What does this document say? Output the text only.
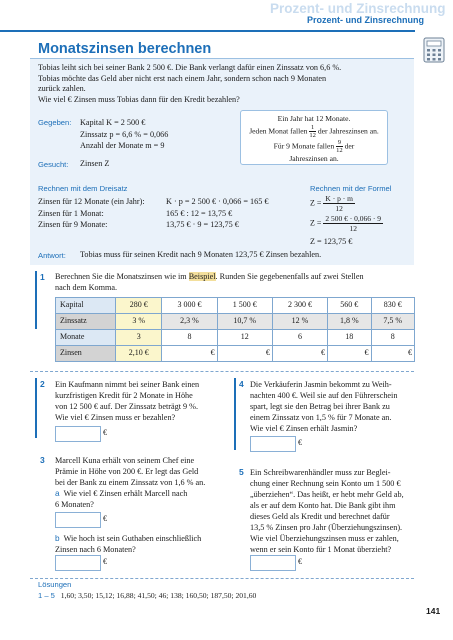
Prozent- und Zinsrechnung
Prozent- und Zinsrechnung
Monatszinsen berechnen
Tobias leiht sich bei seiner Bank 2 500 €. Die Bank verlangt dafür einen Zinssatz von 6,6 %.
Tobias möchte das Geld aber nicht erst nach einem Jahr, sondern schon nach 9 Monaten
zurück zahlen.
Wie viel € Zinsen muss Tobias dann für den Kredit bezahlen?
Gegeben: Kapital K = 2 500 €
Zinssatz p = 6,6 % = 0,066
Anzahl der Monate m = 9
Ein Jahr hat 12 Monate.
Jeden Monat fallen $\frac{1}{12}$ der Jahreszinsen an.
Für 9 Monate fallen $\frac{9}{12}$ der
Jahreszinsen an.
Gesucht: Zinsen Z
Rechnen mit dem Dreisatz
Zinsen für 12 Monate (ein Jahr):	K · p = 2 500 € · 0,066 = 165 €
Zinsen für 1 Monat:	165 € : 12 = 13,75 €
Zinsen für 9 Monate:	13,75 € · 9 = 123,75 €
Rechnen mit der Formel
$Z = \frac{K \cdot p \cdot m}{12}$
$Z = \frac{2 500 € \cdot 0,066 \cdot 9}{12}$
Z = 123,75 €
Antwort: Tobias muss für seinen Kredit nach 9 Monaten 123,75 € Zinsen bezahlen.
1 Berechnen Sie die Monatszinsen wie im Beispiel. Runden Sie gegebenenfalls auf zwei Stellen
nach dem Komma.
Kapital	280 €	3 000 €	1 500 €	2 300 €	560 €	830 €
Zinssatz	3 %	2,3 %	10,7 %	12 %	1,8 %	7,5 %
Monate	3	8	12	6	18	8
Zinsen	2,10 €	€	€	€	€	€
2 Ein Kaufmann nimmt bei seiner Bank einen
kurzfristigen Kredit für 2 Monate in Höhe
von 12 500 € auf. Der Zinssatz beträgt 9 %.
Wie viel € Zinsen muss er bezahlen?
€
3 Marcell Kuna erhält von seinem Chef eine
Prämie in Höhe von 200 €. Er legt das Geld
bei der Bank zu einem Zinssatz von 1,6 % an.
a Wie viel € Zinsen erhält Marcell nach
6 Monaten?
€
b Wie hoch ist sein Guthaben einschließlich
Zinsen nach 6 Monaten?
€
4 Die Verkäuferin Jasmin bekommt zu Weih-
nachten 400 €. Weil sie auf den Führerschein
spart, legt sie den Betrag bei ihrer Bank zu
einem Zinssatz von 1,5 % für 7 Monate an.
Wie viel € Zinsen erhält Jasmin?
€
5 Ein Schreibwarenhändler muss zur Beglei-
chung einer Rechnung sein Konto um 1 500 €
„überziehen“. Das heißt, er hebt mehr Geld ab,
als er auf dem Konto hat. Die Bank gibt ihm
dieses Geld als Kredit und berechnet dafür
13,5 % Zinsen pro Jahr (Überziehungszinsen).
Wie viel Überziehungszinsen muss er zahlen,
wenn er sein Konto für 1 Monat überzieht?
€
Lösungen
1 – 5 1,60; 3,50; 15,12; 16,88; 41,50; 46; 138; 160,50; 187,50; 201,60
141
